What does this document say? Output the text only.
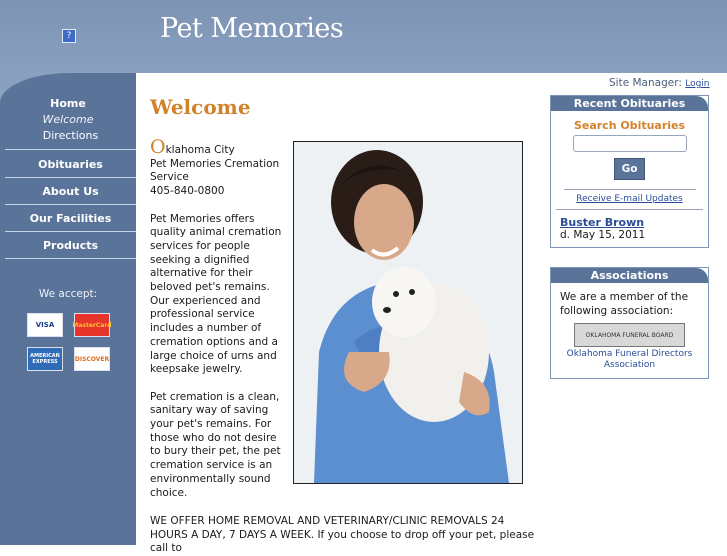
?	Pet Memories
Home
Welcome
Directions
Obituaries
About Us
Our Facilities
Products
We accept:
VISA	MasterCard
AMERICAN EXPRESS	DISCOVER
Site Manager: Login
Welcome

Oklahoma City
Pet Memories Cremation Service
405-840-0800

Pet Memories offers quality animal cremation services for people seeking a dignified alternative for their beloved pet's remains. Our experienced and professional service includes a number of cremation options and a large choice of urns and keepsake jewelry.

Pet cremation is a clean, sanitary way of saving your pet's remains. For those who do not desire to bury their pet, the pet cremation service is an environmentally sound choice.

WE OFFER HOME REMOVAL AND VETERINARY/CLINIC REMOVALS 24 HOURS A DAY, 7 DAYS A WEEK. If you choose to drop off your pet, please call to
Recent Obituaries
Search Obituaries
Go
Receive E-mail Updates
Buster Brown
d. May 15, 2011
Associations
We are a member of the following association:
OKLAHOMA FUNERAL BOARD
Oklahoma Funeral Directors Association
